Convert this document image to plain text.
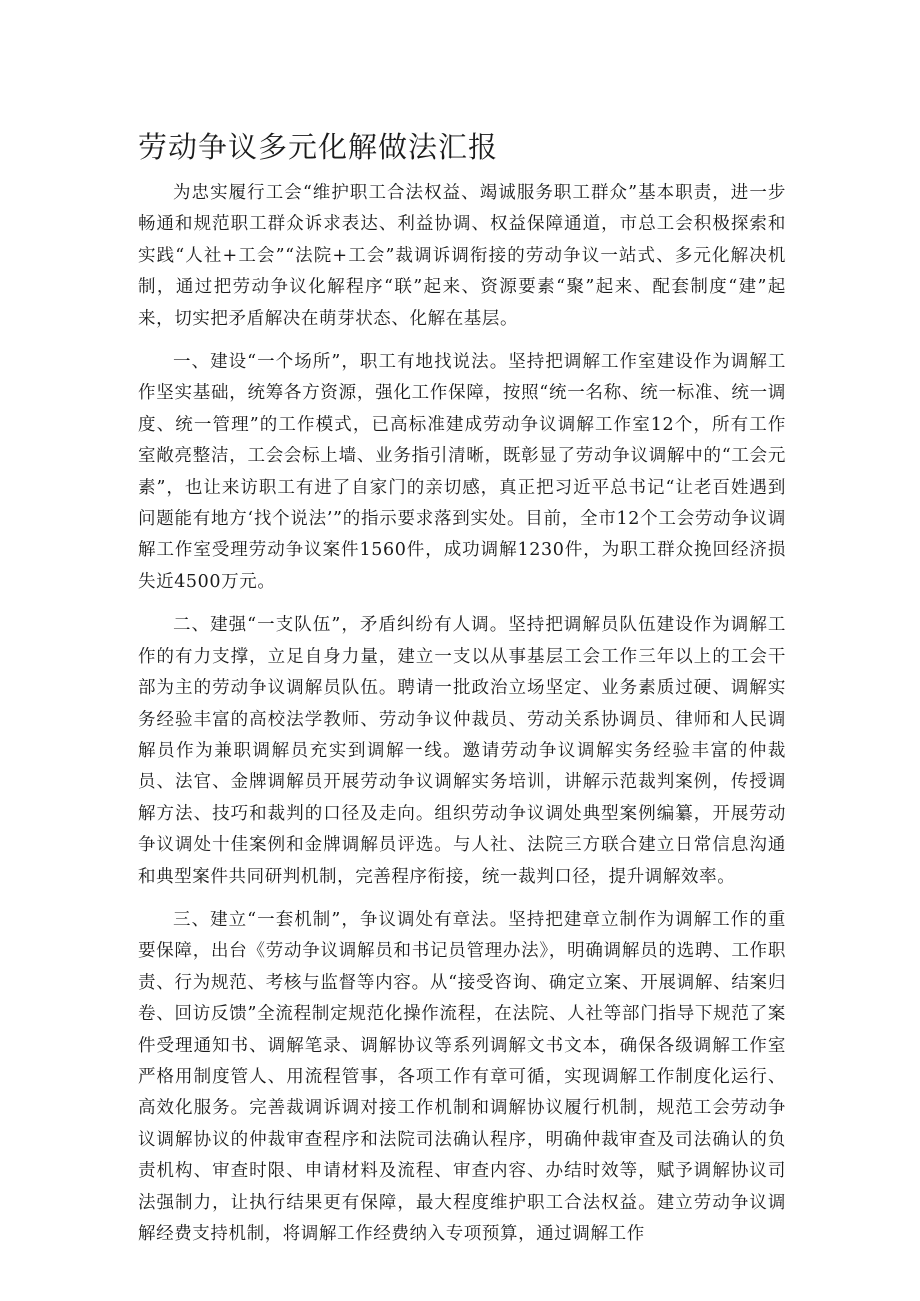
劳动争议多元化解做法汇报

为忠实履行工会“维护职工合法权益、竭诚服务职工群众”基本职责，进一步畅通和规范职工群众诉求表达、利益协调、权益保障通道，市总工会积极探索和实践“人社+工会”“法院+工会”裁调诉调衔接的劳动争议一站式、多元化解决机制，通过把劳动争议化解程序“联”起来、资源要素“聚”起来、配套制度“建”起来，切实把矛盾解决在萌芽状态、化解在基层。

一、建设“一个场所”，职工有地找说法。坚持把调解工作室建设作为调解工作坚实基础，统筹各方资源，强化工作保障，按照“统一名称、统一标准、统一调度、统一管理”的工作模式，已高标准建成劳动争议调解工作室12个，所有工作室敞亮整洁，工会会标上墙、业务指引清晰，既彰显了劳动争议调解中的“工会元素”，也让来访职工有进了自家门的亲切感，真正把习近平总书记“让老百姓遇到问题能有地方‘找个说法’”的指示要求落到实处。目前，全市12个工会劳动争议调解工作室受理劳动争议案件1560件，成功调解1230件，为职工群众挽回经济损失近4500万元。

二、建强“一支队伍”，矛盾纠纷有人调。坚持把调解员队伍建设作为调解工作的有力支撑，立足自身力量，建立一支以从事基层工会工作三年以上的工会干部为主的劳动争议调解员队伍。聘请一批政治立场坚定、业务素质过硬、调解实务经验丰富的高校法学教师、劳动争议仲裁员、劳动关系协调员、律师和人民调解员作为兼职调解员充实到调解一线。邀请劳动争议调解实务经验丰富的仲裁员、法官、金牌调解员开展劳动争议调解实务培训，讲解示范裁判案例，传授调解方法、技巧和裁判的口径及走向。组织劳动争议调处典型案例编纂，开展劳动争议调处十佳案例和金牌调解员评选。与人社、法院三方联合建立日常信息沟通和典型案件共同研判机制，完善程序衔接，统一裁判口径，提升调解效率。

三、建立“一套机制”，争议调处有章法。坚持把建章立制作为调解工作的重要保障，出台《劳动争议调解员和书记员管理办法》，明确调解员的选聘、工作职责、行为规范、考核与监督等内容。从“接受咨询、确定立案、开展调解、结案归卷、回访反馈”全流程制定规范化操作流程，在法院、人社等部门指导下规范了案件受理通知书、调解笔录、调解协议等系列调解文书文本，确保各级调解工作室严格用制度管人、用流程管事，各项工作有章可循，实现调解工作制度化运行、高效化服务。完善裁调诉调对接工作机制和调解协议履行机制，规范工会劳动争议调解协议的仲裁审查程序和法院司法确认程序，明确仲裁审查及司法确认的负责机构、审查时限、申请材料及流程、审查内容、办结时效等，赋予调解协议司法强制力，让执行结果更有保障，最大程度维护职工合法权益。建立劳动争议调解经费支持机制，将调解工作经费纳入专项预算，通过调解工作
